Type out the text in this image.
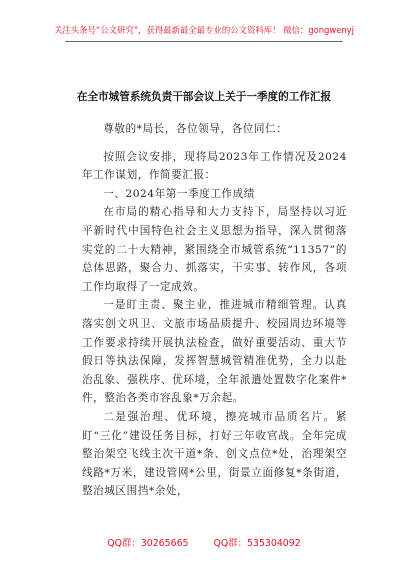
关注头条号“公文研究”，获得最新最全最专业的公文资料库！ 微信：gongwenyj
在全市城管系统负责干部会议上关于一季度的工作汇报

尊敬的*局长，各位领导，各位同仁：

按照会议安排，现将局2023年工作情况及2024年工作谋划，作简要汇报：

一、2024年第一季度工作成绩

在市局的精心指导和大力支持下，局坚持以习近平新时代中国特色社会主义思想为指导，深入贯彻落实党的二十大精神，紧围绕全市城管系统“11357”的总体思路，聚合力、抓落实，干实事、转作风，各项工作均取得了一定成效。

一是盯主责、聚主业，推进城市精细管理。认真落实创文巩卫、文旅市场品质提升、校园周边环境等工作要求持续开展执法检查，做好重要活动、重大节假日等执法保障，发挥智慧城管精准优势，全力以赴治乱象、强秩序、优环境，全年派遣处置数字化案件*件，整治各类市容乱象*万余起。

二是强治理、优环境，擦亮城市品质名片。紧盯“三化”建设任务目标，打好三年收官战。全年完成整治架空飞线主次干道*条、创文点位*处，治理架空线路*万米，建设管网*公里，街景立面修复*条街道，整治城区围挡*余处，

QQ群：30265665	QQ群：535304092
